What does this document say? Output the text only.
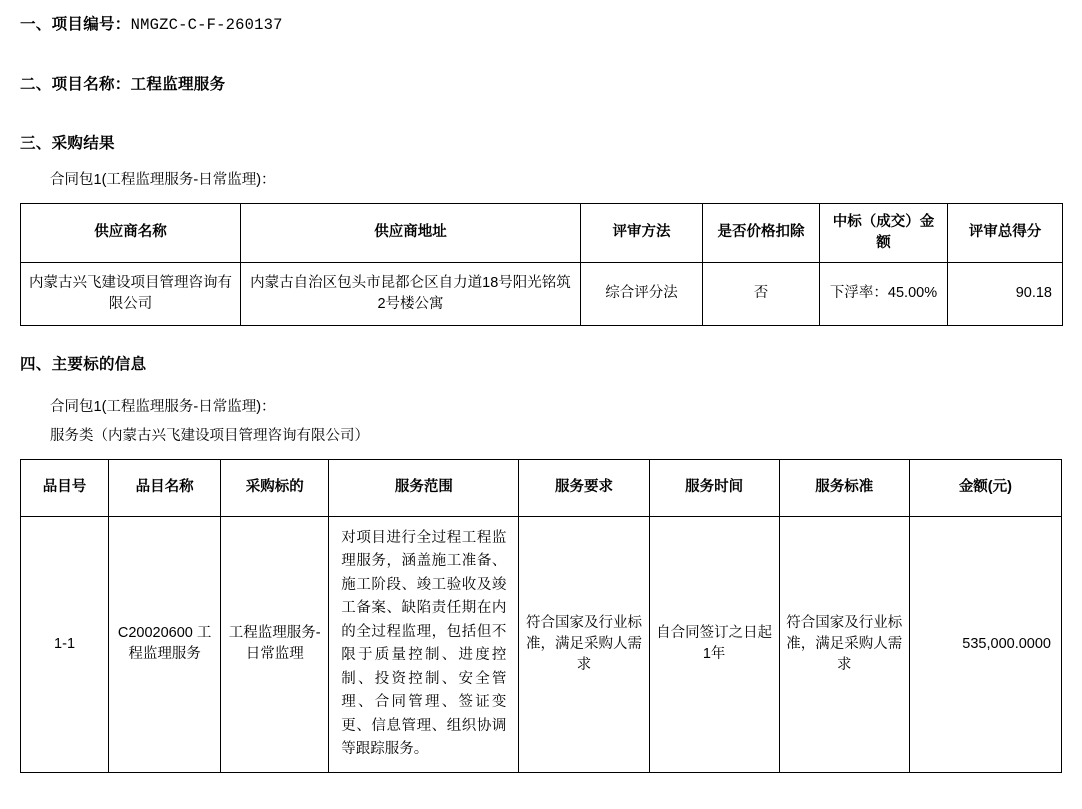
一、项目编号：NMGZC-C-F-260137
二、项目名称：工程监理服务
三、采购结果
合同包1(工程监理服务-日常监理)：
供应商名称	供应商地址	评审方法	是否价格扣除	中标（成交）金额	评审总得分
内蒙古兴飞建设项目管理咨询有限公司	内蒙古自治区包头市昆都仑区自力道18号阳光铭筑2号楼公寓	综合评分法	否	下浮率：45.00%	90.18
四、主要标的信息
合同包1(工程监理服务-日常监理)：
服务类（内蒙古兴飞建设项目管理咨询有限公司）
品目号	品目名称	采购标的	服务范围	服务要求	服务时间	服务标准	金额(元)
1-1	C20020600 工程监理服务	工程监理服务-日常监理	对项目进行全过程工程监理服务，涵盖施工准备、施工阶段、竣工验收及竣工备案、缺陷责任期在内的全过程监理，包括但不限于质量控制、进度控制、投资控制、安全管理、合同管理、签证变更、信息管理、组织协调等跟踪服务。	符合国家及行业标准，满足采购人需求	自合同签订之日起1年	符合国家及行业标准，满足采购人需求	535,000.0000
